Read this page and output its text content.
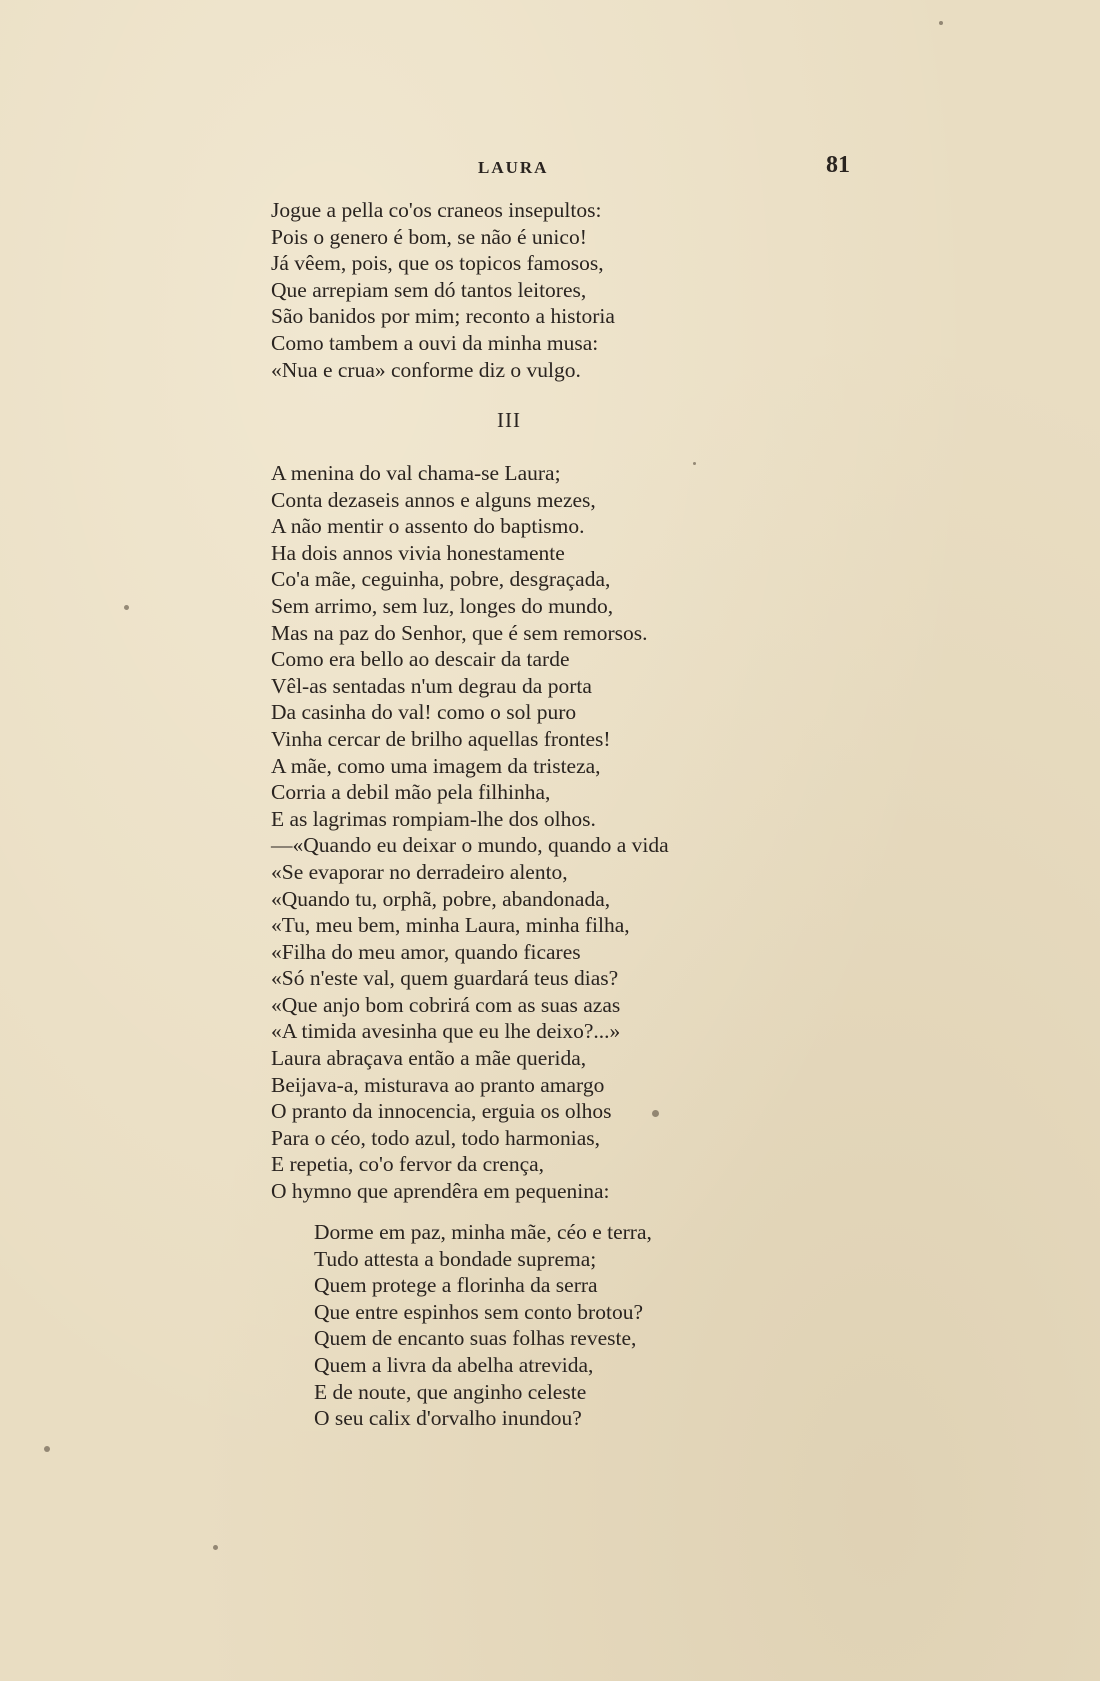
LAURA	81
Jogue a pella co'os craneos insepultos:
Pois o genero é bom, se não é unico!
Já vêem, pois, que os topicos famosos,
Que arrepiam sem dó tantos leitores,
São banidos por mim; reconto a historia
Como tambem a ouvi da minha musa:
«Nua e crua» conforme diz o vulgo.
III
A menina do val chama-se Laura;
Conta dezaseis annos e alguns mezes,
A não mentir o assento do baptismo.
Ha dois annos vivia honestamente
Co'a mãe, ceguinha, pobre, desgraçada,
Sem arrimo, sem luz, longes do mundo,
Mas na paz do Senhor, que é sem remorsos.
Como era bello ao descair da tarde
Vêl-as sentadas n'um degrau da porta
Da casinha do val! como o sol puro
Vinha cercar de brilho aquellas frontes!
A mãe, como uma imagem da tristeza,
Corria a debil mão pela filhinha,
E as lagrimas rompiam-lhe dos olhos.
—«Quando eu deixar o mundo, quando a vida
«Se evaporar no derradeiro alento,
«Quando tu, orphã, pobre, abandonada,
«Tu, meu bem, minha Laura, minha filha,
«Filha do meu amor, quando ficares
«Só n'este val, quem guardará teus dias?
«Que anjo bom cobrirá com as suas azas
«A timida avesinha que eu lhe deixo?...»
Laura abraçava então a mãe querida,
Beijava-a, misturava ao pranto amargo
O pranto da innocencia, erguia os olhos
Para o céo, todo azul, todo harmonias,
E repetia, co'o fervor da crença,
O hymno que aprendêra em pequenina:
Dorme em paz, minha mãe, céo e terra,
Tudo attesta a bondade suprema;
Quem protege a florinha da serra
Que entre espinhos sem conto brotou?
Quem de encanto suas folhas reveste,
Quem a livra da abelha atrevida,
E de noute, que anginho celeste
O seu calix d'orvalho inundou?
